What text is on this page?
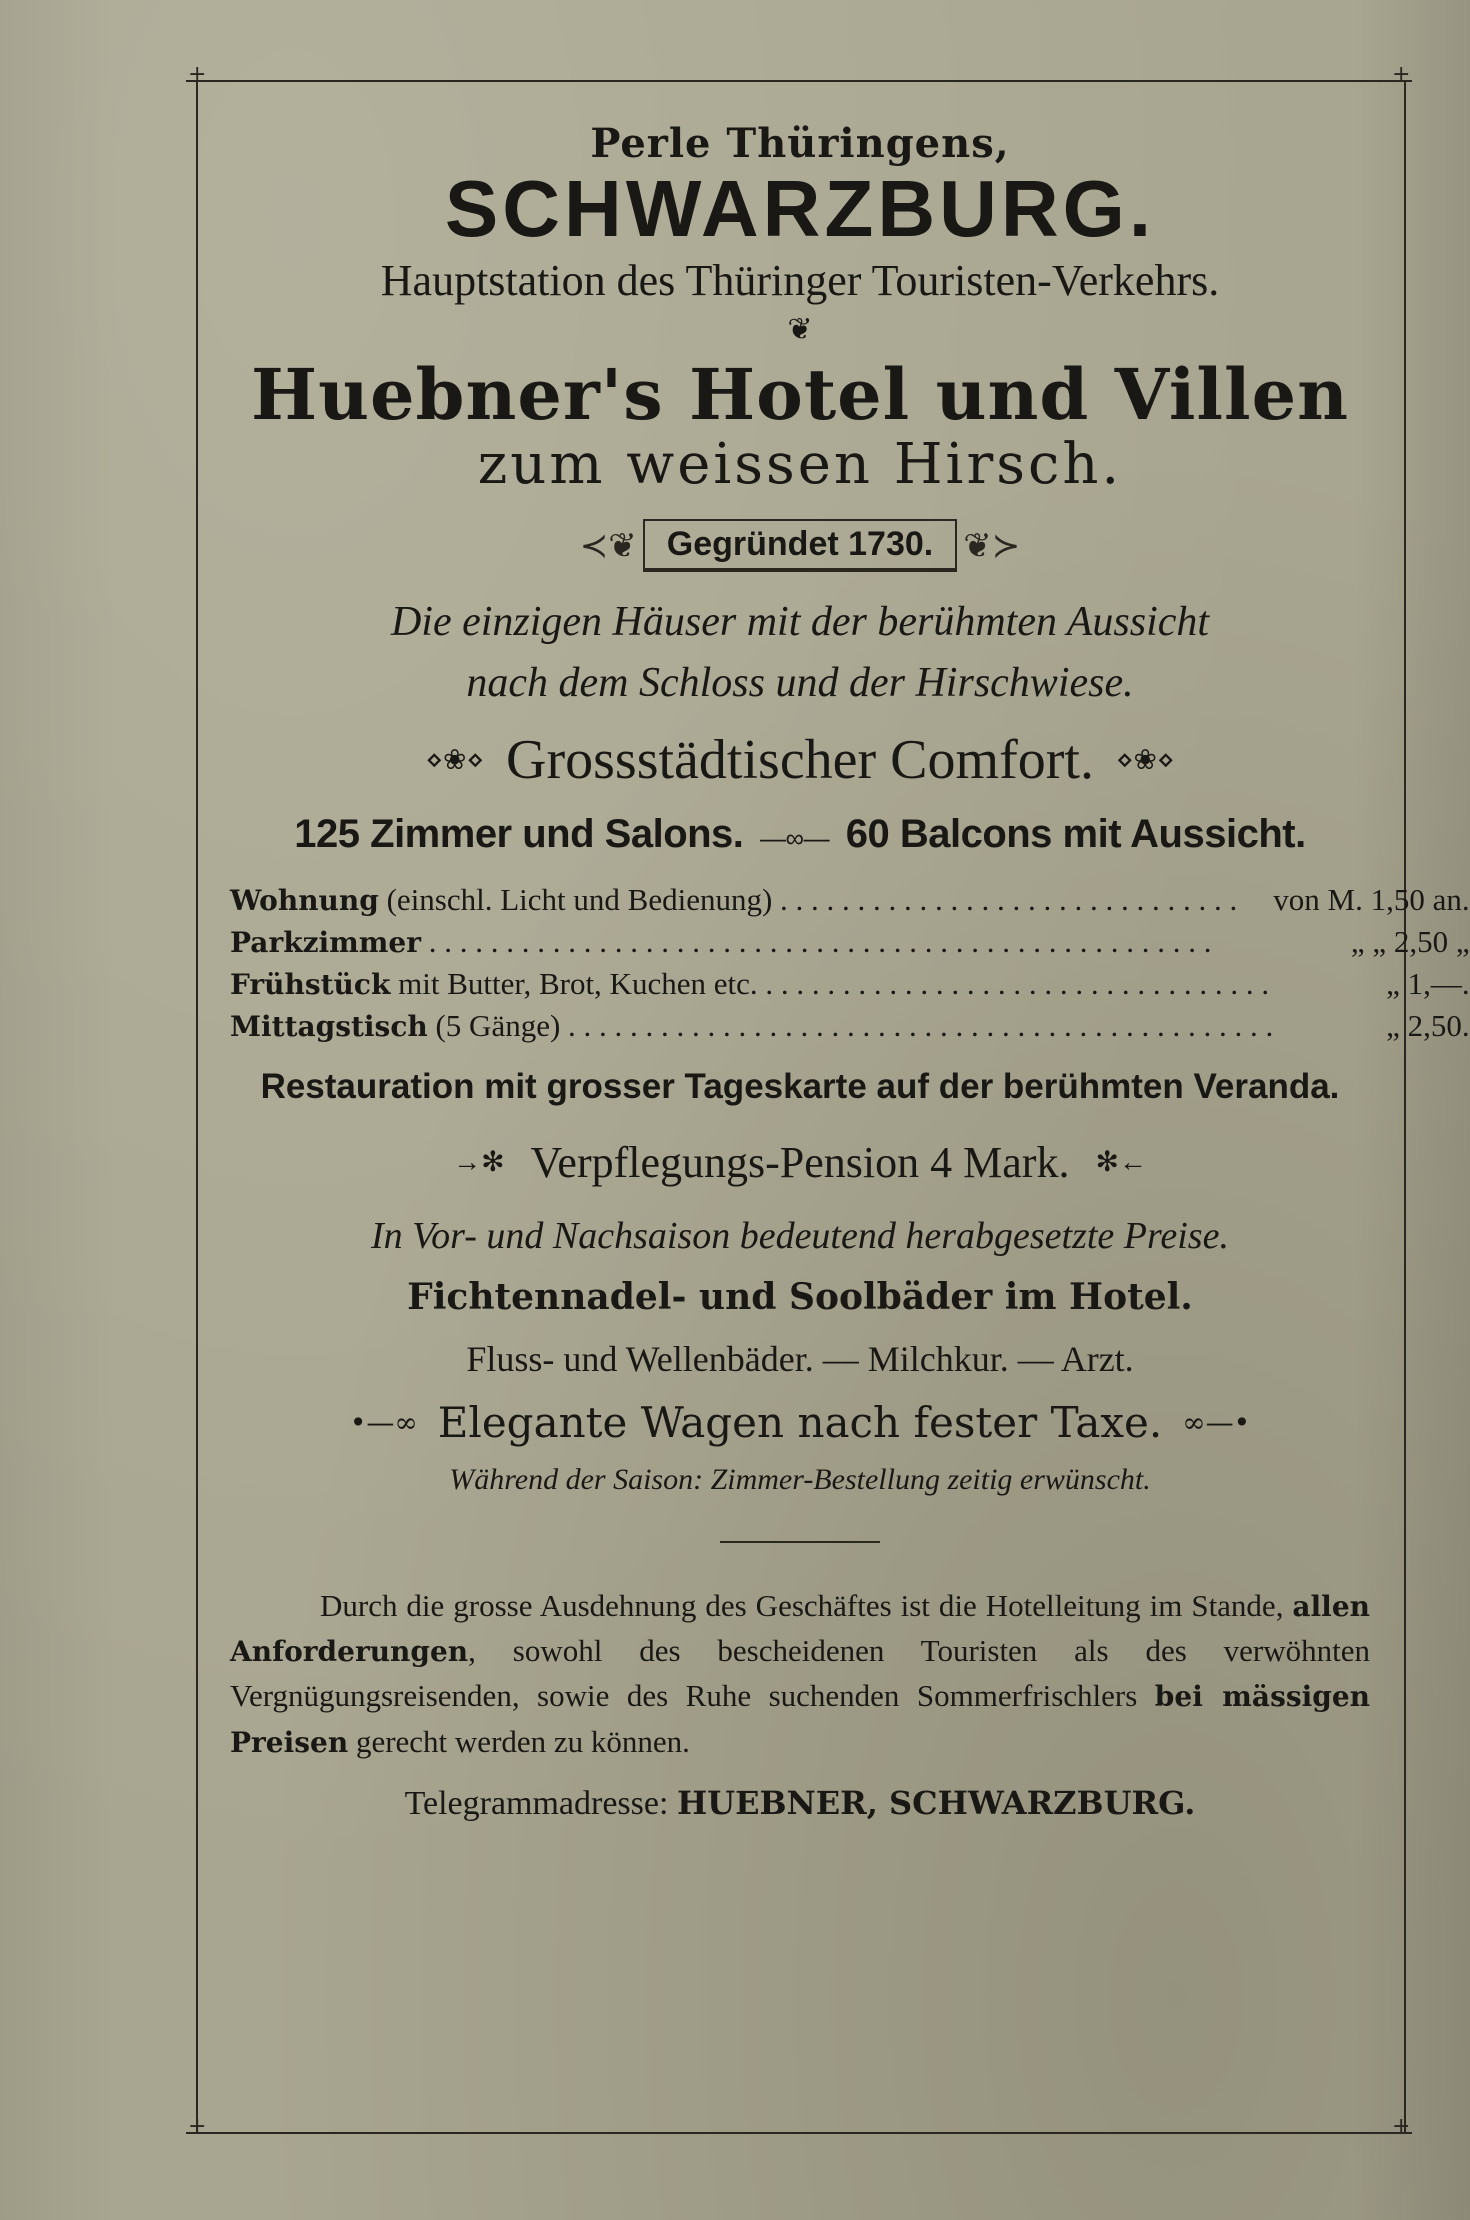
+	+
+	+
Perle Thüringens,
SCHWARZBURG.
Hauptstation des Thüringer Touristen-Verkehrs.
❦
Huebner's Hotel und Villen
zum weissen Hirsch.
≺❦ Gegründet 1730. ❦≻
Die einzigen Häuser mit der berühmten Aussicht
nach dem Schloss und der Hirschwiese.
⋄❀⋄ Grossstädtischer Comfort. ⋄❀⋄
125 Zimmer und Salons. —∞— 60 Balcons mit Aussicht.
Wohnung (einschl. Licht und Bedienung) . . . . . . . . . . . . . . . . . . . . . . . . . . . . . .	von M. 1,50 an.
Parkzimmer . . . . . . . . . . . . . . . . . . . . . . . . . . . . . . . . . . . . . . . . . . . . . . . . . . .	„ „ 2,50 „
Frühstück mit Butter, Brot, Kuchen etc. . . . . . . . . . . . . . . . . . . . . . . . . . . . . . . . . .	„ 1,—.
Mittagstisch (5 Gänge) . . . . . . . . . . . . . . . . . . . . . . . . . . . . . . . . . . . . . . . . . . . . . .	„ 2,50.
Restauration mit grosser Tageskarte auf der berühmten Veranda.
→✻ Verpflegungs-Pension 4 Mark. ✻←
In Vor- und Nachsaison bedeutend herabgesetzte Preise.
Fichtennadel- und Soolbäder im Hotel.
Fluss- und Wellenbäder. — Milchkur. — Arzt.
•—∞ Elegante Wagen nach fester Taxe. ∞—•
Während der Saison: Zimmer-Bestellung zeitig erwünscht.

Durch die grosse Ausdehnung des Geschäftes ist die Hotelleitung im Stande, allen Anforderungen, sowohl des bescheidenen Touristen als des verwöhnten Vergnügungsreisenden, sowie des Ruhe suchenden Sommerfrischlers bei mässigen Preisen gerecht werden zu können.

Telegrammadresse: HUEBNER, SCHWARZBURG.
